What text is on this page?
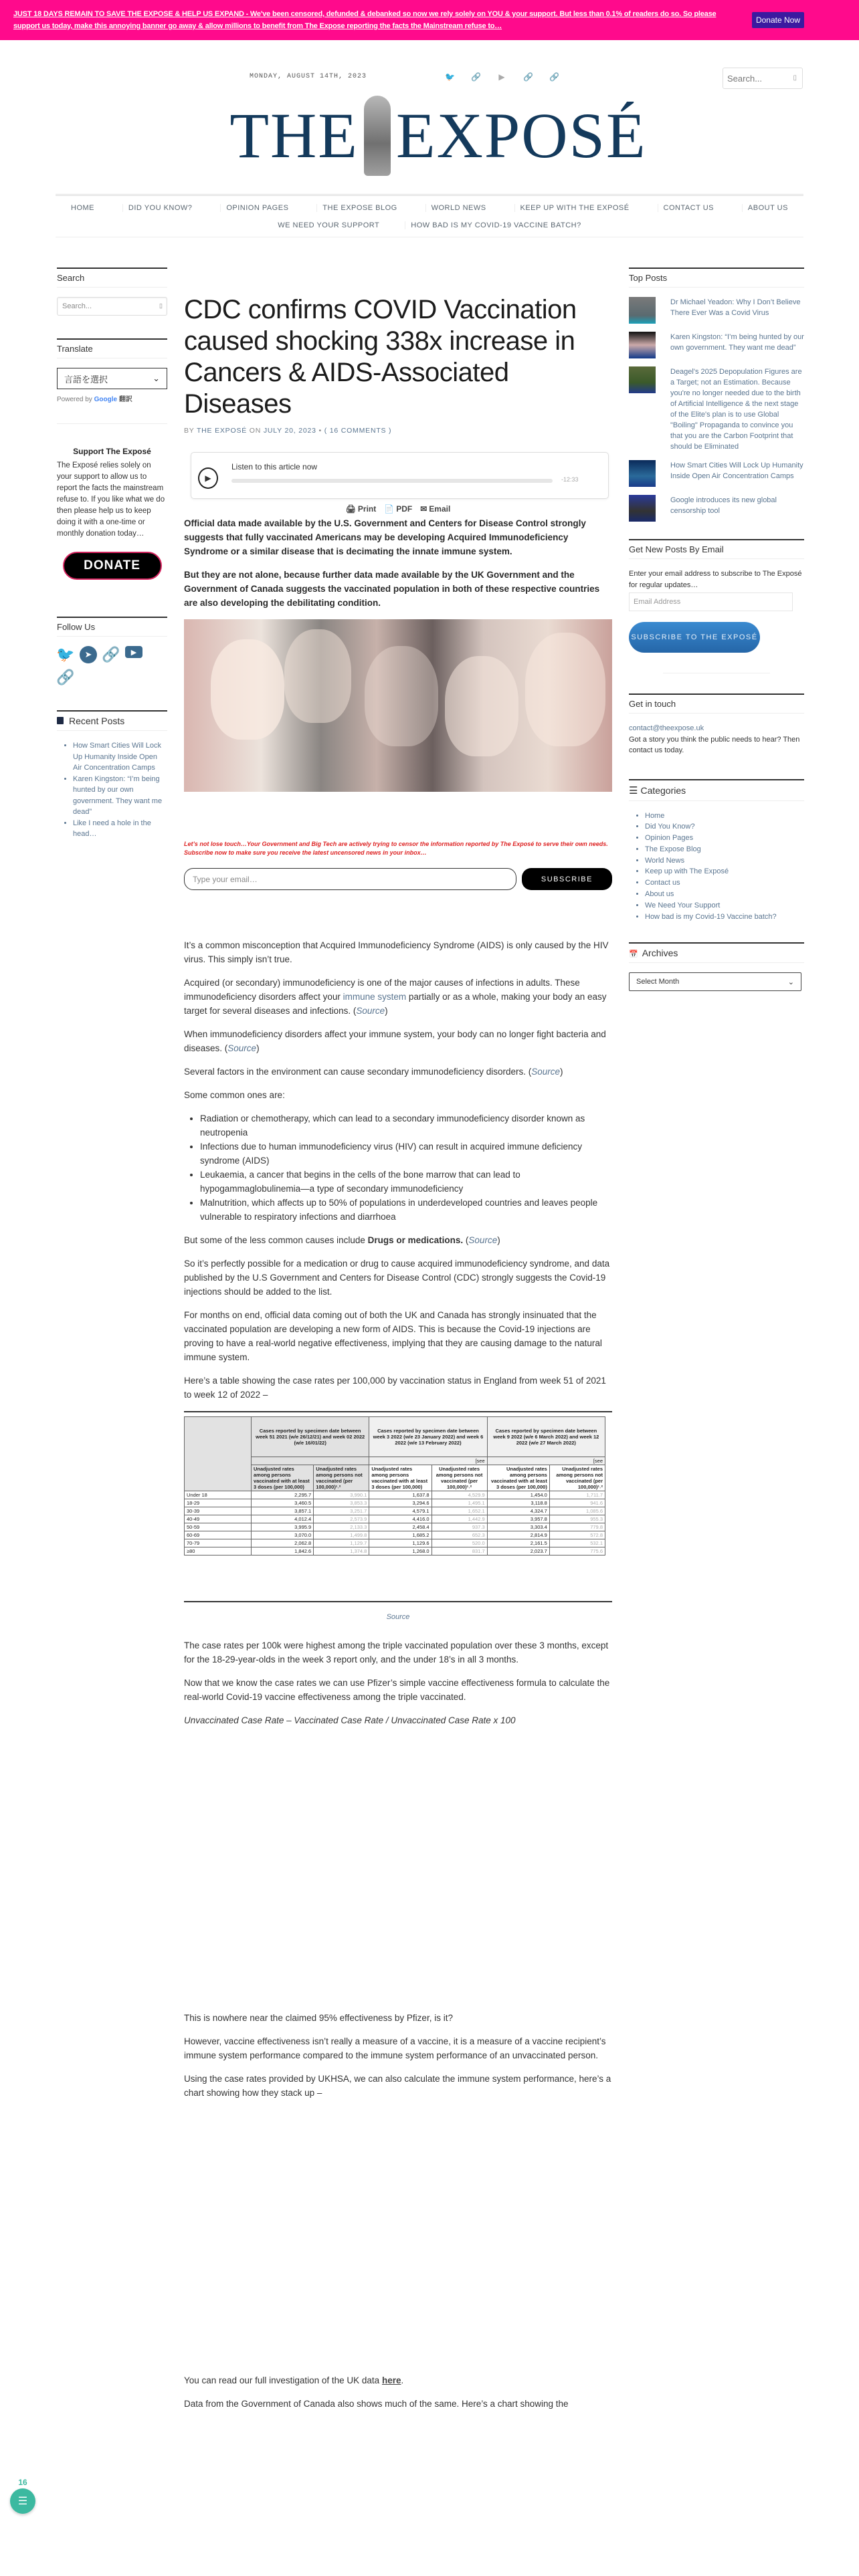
JUST 18 DAYS REMAIN TO SAVE THE EXPOSE & HELP US EXPAND - We've been censored, defunded & debanked so now we rely solely on YOU & your support. But less than 0.1% of readers do so. So please support us today, make this annoying banner go away & allow millions to benefit from The Expose reporting the facts the Mainstream refuse to…
Donate Now
MONDAY, AUGUST 14TH, 2023	🐦 🔗 ▶ 🔗 🔗	Search...	▯
THE EXPOSÉ
HOME	DID YOU KNOW?	OPINION PAGES	THE EXPOSE BLOG	WORLD NEWS	KEEP UP WITH THE EXPOSÉ	CONTACT US	ABOUT US
WE NEED YOUR SUPPORT	HOW BAD IS MY COVID-19 VACCINE BATCH?
Search
Search...	▯
Translate
言語を選択	⌄
Powered by Google 翻訳
Support The Exposé
The Exposé relies solely on your support to allow us to report the facts the mainstream refuse to. If you like what we do then please help us to keep doing it with a one-time or monthly donation today…
DONATE
Follow Us
🐦	➤ 🔗	▶
🔗
Recent Posts
• How Smart Cities Will Lock Up Humanity Inside Open Air Concentration Camps
• Karen Kingston: “I’m being hunted by our own government. They want me dead”
• Like I need a hole in the head…
CDC confirms COVID Vaccination caused shocking 338x increase in Cancers & AIDS-Associated Diseases
BY THE EXPOSÉ ON JULY 20, 2023 • ( 16 COMMENTS )
▶
Listen to this article now
-12:33
🖨 Print 📄 PDF ✉ Email

Official data made available by the U.S. Government and Centers for Disease Control strongly suggests that fully vaccinated Americans may be developing Acquired Immunodeficiency Syndrome or a similar disease that is decimating the innate immune system.

But they are not alone, because further data made available by the UK Government and the Government of Canada suggests the vaccinated population in both of these respective countries are also developing the debilitating condition.

Let’s not lose touch…Your Government and Big Tech are actively trying to censor the information reported by The Exposé to serve their own needs. Subscribe now to make sure you receive the latest uncensored news in your inbox…
Type your email…	SUBSCRIBE

It’s a common misconception that Acquired Immunodeficiency Syndrome (AIDS) is only caused by the HIV virus. This simply isn’t true.

Acquired (or secondary) immunodeficiency is one of the major causes of infections in adults. These immunodeficiency disorders affect your immune system partially or as a whole, making your body an easy target for several diseases and infections. (Source)

When immunodeficiency disorders affect your immune system, your body can no longer fight bacteria and diseases. (Source)

Several factors in the environment can cause secondary immunodeficiency disorders. (Source)

Some common ones are:

• Radiation or chemotherapy, which can lead to a secondary immunodeficiency disorder known as neutropenia
• Infections due to human immunodeficiency virus (HIV) can result in acquired immune deficiency syndrome (AIDS)
• Leukaemia, a cancer that begins in the cells of the bone marrow that can lead to hypogammaglobulinemia—a type of secondary immunodeficiency
• Malnutrition, which affects up to 50% of populations in underdeveloped countries and leaves people vulnerable to respiratory infections and diarrhoea

But some of the less common causes include Drugs or medications. (Source)

So it’s perfectly possible for a medication or drug to cause acquired immunodeficiency syndrome, and data published by the U.S Government and Centers for Disease Control (CDC) strongly suggests the Covid-19 injections should be added to the list.

For months on end, official data coming out of both the UK and Canada has strongly insinuated that the vaccinated population are developing a new form of AIDS. This is because the Covid-19 injections are proving to have a real-world negative effectiveness, implying that they are causing damage to the natural immune system.

Here’s a table showing the case rates per 100,000 by vaccination status in England from week 51 of 2021 to week 12 of 2022 –

	Cases reported by specimen date between week 51 2021 (w/e 26/12/21) and week 02 2022 (w/e 16/01/22)		Cases reported by specimen date between week 3 2022 (w/e 23 January 2022) and week 6 2022 (w/e 13 February 2022)		Cases reported by specimen date between week 9 2022 (w/e 6 March 2022) and week 12 2022 (w/e 27 March 2022)	
			[see		[see	
	Unadjusted rates among persons vaccinated with at least 3 doses (per 100,000)	Unadjusted rates among persons not vaccinated (per 100,000)¹˒²	Unadjusted rates among persons vaccinated with at least 3 doses (per 100,000)	Unadjusted rates among persons not vaccinated (per 100,000)¹˒²	Unadjusted rates among persons vaccinated with at least 3 doses (per 100,000)	Unadjusted rates among persons not vaccinated (per 100,000)¹˒²
Under 18	2,295.7	3,990.1	1,637.8	4,529.9	1,454.0	1,711.7
18-29	3,460.5	3,853.3	3,294.6	1,495.1	3,118.8	941.6
30-39	3,857.1	3,251.7	4,579.1	1,652.1	4,324.7	1,085.6
40-49	4,012.4	2,573.9	4,416.0	1,442.9	3,957.8	955.3
50-59	3,995.9	2,133.3	2,458.4	937.3	3,303.4	779.8
60-69	3,070.0	1,499.8	1,685.2	652.3	2,814.9	572.8
70-79	2,062.8	1,129.7	1,129.6	520.0	2,161.5	532.1
≥80	1,842.6	1,374.8	1,268.0	831.7	2,023.7	775.6
Source

The case rates per 100k were highest among the triple vaccinated population over these 3 months, except for the 18-29-year-olds in the week 3 report only, and the under 18’s in all 3 months.

Now that we know the case rates we can use Pfizer’s simple vaccine effectiveness formula to calculate the real-world Covid-19 vaccine effectiveness among the triple vaccinated.

Unvaccinated Case Rate – Vaccinated Case Rate / Unvaccinated Case Rate x 100

This is nowhere near the claimed 95% effectiveness by Pfizer, is it?

However, vaccine effectiveness isn’t really a measure of a vaccine, it is a measure of a vaccine recipient’s immune system performance compared to the immune system performance of an unvaccinated person.

Using the case rates provided by UKHSA, we can also calculate the immune system performance, here’s a chart showing how they stack up –

You can read our full investigation of the UK data here.

Data from the Government of Canada also shows much of the same. Here’s a chart showing the

Top Posts
Dr Michael Yeadon: Why I Don’t Believe There Ever Was a Covid Virus
Karen Kingston: “I’m being hunted by our own government. They want me dead”
Deagel's 2025 Depopulation Figures are a Target; not an Estimation. Because you're no longer needed due to the birth of Artificial Intelligence & the next stage of the Elite's plan is to use Global "Boiling" Propaganda to convince you that you are the Carbon Footprint that should be Eliminated
How Smart Cities Will Lock Up Humanity Inside Open Air Concentration Camps
Google introduces its new global censorship tool
Get New Posts By Email
Enter your email address to subscribe to The Exposé for regular updates…
Email Address
SUBSCRIBE TO THE EXPOSÉ
Get in touch
contact@theexpose.uk
Got a story you think the public needs to hear? Then contact us today.
☰ Categories
• Home
• Did You Know?
• Opinion Pages
• The Expose Blog
• World News
• Keep up with The Exposé
• Contact us
• About us
• We Need Your Support
• How bad is my Covid-19 Vaccine batch?
📅 Archives
Select Month	⌄
16
☰
